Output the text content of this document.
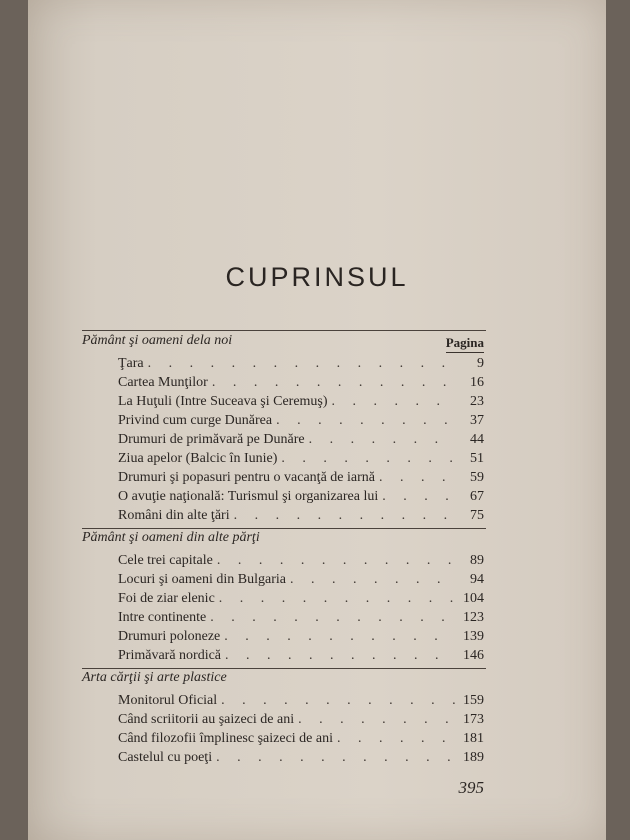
CUPRINSUL
Pagina
Pământ şi oameni dela noi
Ţara . . .	9
Cartea Munţilor . . .	16
La Huţuli (Intre Suceava şi Ceremuş) . . .	23
Privind cum curge Dunărea . . .	37
Drumuri de primăvară pe Dunăre . . .	44
Ziua apelor (Balcic în Iunie) . . .	51
Drumuri şi popasuri pentru o vacanţă de iarnă . . .	59
O avuţie naţională: Turismul şi organizarea lui . . .	67
Români din alte ţări . . .	75
Pământ şi oameni din alte părţi
Cele trei capitale . . .	89
Locuri şi oameni din Bulgaria . . .	94
Foi de ziar elenic . . .	104
Intre continente . . .	123
Drumuri poloneze . . .	139
Primăvară nordică . . .	146
Arta cărţii şi arte plastice
Monitorul Oficial . . .	159
Când scriitorii au şaizeci de ani . . .	173
Când filozofii împlinesc şaizeci de ani . . .	181
Castelul cu poeţi . . .	189
395
